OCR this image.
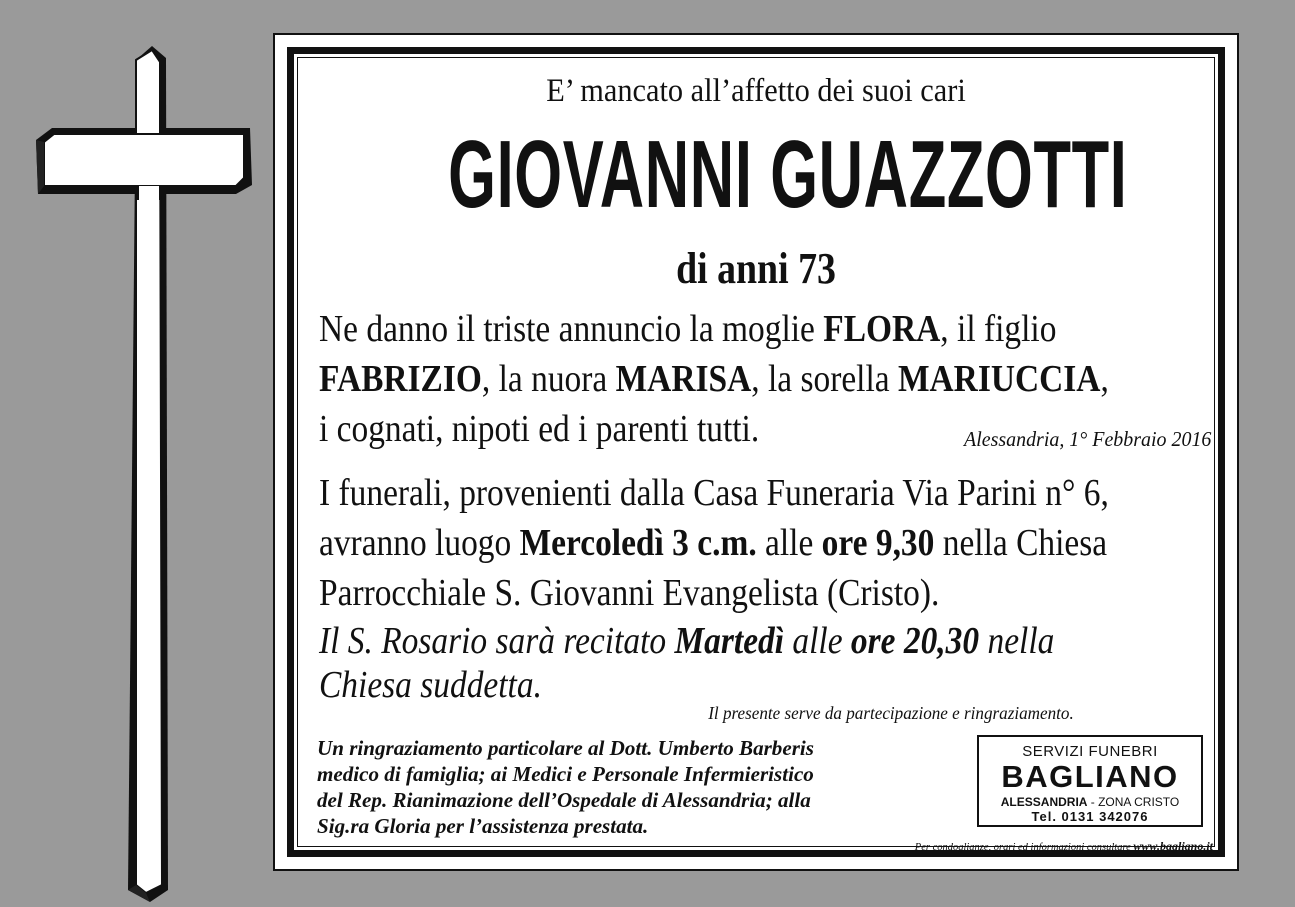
E’ mancato all’affetto dei suoi cari
GIOVANNI GUAZZOTTI
di anni 73
Ne danno il triste annuncio la moglie FLORA, il figlio
FABRIZIO, la nuora MARISA, la sorella MARIUCCIA,
i cognati, nipoti ed i parenti tutti.	Alessandria, 1° Febbraio 2016
I funerali, provenienti dalla Casa Funeraria Via Parini n° 6,
avranno luogo Mercoledì 3 c.m. alle ore 9,30 nella Chiesa
Parrocchiale S. Giovanni Evangelista (Cristo).
Il S. Rosario sarà recitato Martedì alle ore 20,30 nella
Chiesa suddetta.
Il presente serve da partecipazione e ringraziamento.
Un ringraziamento particolare al Dott. Umberto Barberis
medico di famiglia; ai Medici e Personale Infermieristico
del Rep. Rianimazione dell’Ospedale di Alessandria; alla
Sig.ra Gloria per l’assistenza prestata.
SERVIZI FUNEBRI
BAGLIANO
ALESSANDRIA - ZONA CRISTO
Tel. 0131 342076
Per condoglianze, orari ed informazioni consultare www.bagliano.it
